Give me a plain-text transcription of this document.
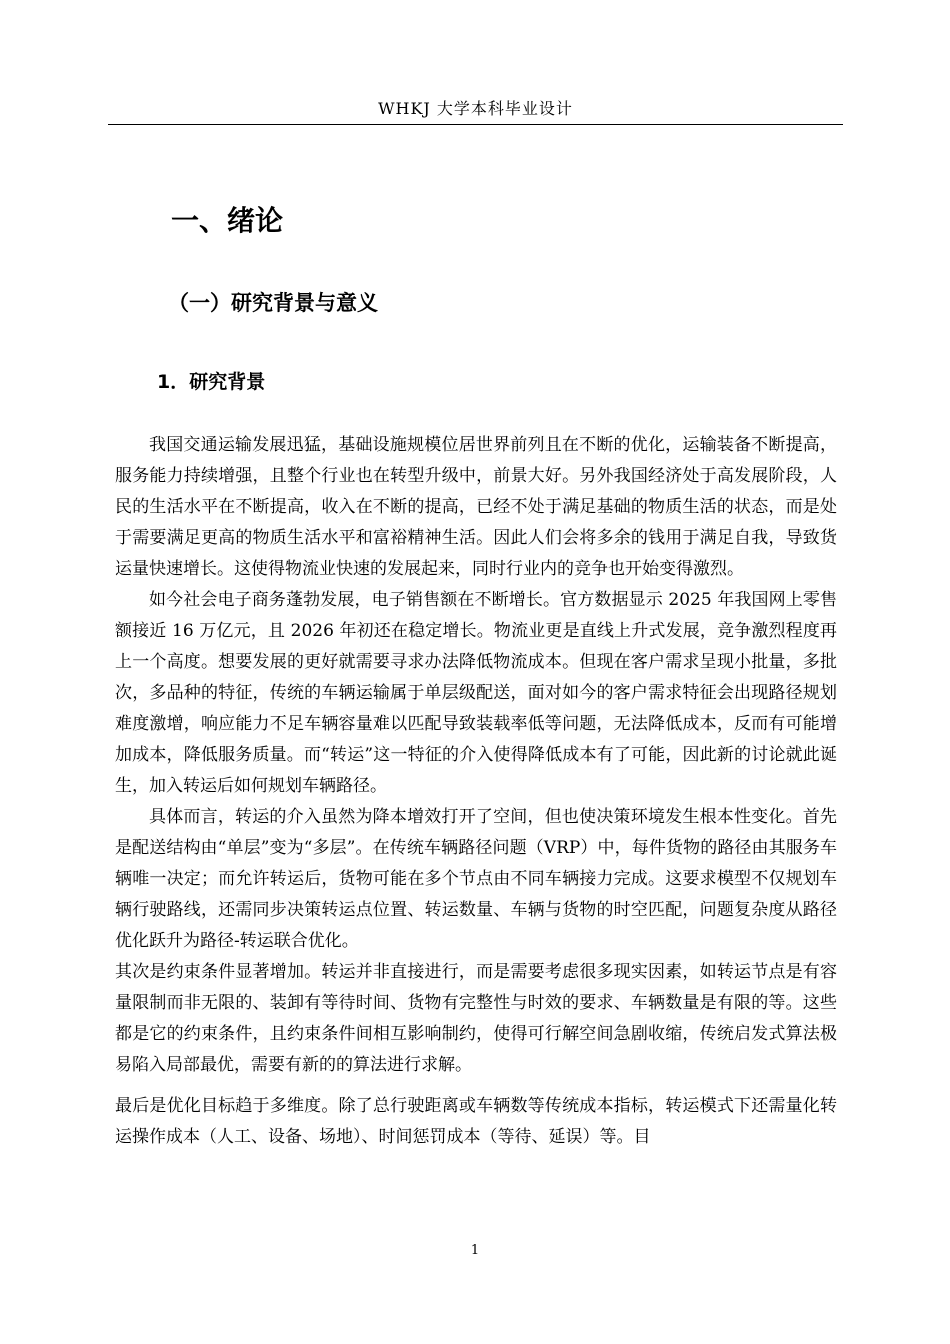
WHKJ 大学本科毕业设计
一、绪论
（一）研究背景与意义
1．研究背景

我国交通运输发展迅猛，基础设施规模位居世界前列且在不断的优化，运输装备不断提高，服务能力持续增强，且整个行业也在转型升级中，前景大好。另外我国经济处于高发展阶段，人民的生活水平在不断提高，收入在不断的提高，已经不处于满足基础的物质生活的状态，而是处于需要满足更高的物质生活水平和富裕精神生活。因此人们会将多余的钱用于满足自我，导致货运量快速增长。这使得物流业快速的发展起来，同时行业内的竞争也开始变得激烈。

如今社会电子商务蓬勃发展，电子销售额在不断增长。官方数据显示 2025 年我国网上零售额接近 16 万亿元，且 2026 年初还在稳定增长。物流业更是直线上升式发展，竞争激烈程度再上一个高度。想要发展的更好就需要寻求办法降低物流成本。但现在客户需求呈现小批量，多批次，多品种的特征，传统的车辆运输属于单层级配送，面对如今的客户需求特征会出现路径规划难度激增，响应能力不足车辆容量难以匹配导致装载率低等问题，无法降低成本，反而有可能增加成本，降低服务质量。而“转运”这一特征的介入使得降低成本有了可能，因此新的讨论就此诞生，加入转运后如何规划车辆路径。

具体而言，转运的介入虽然为降本增效打开了空间，但也使决策环境发生根本性变化。首先是配送结构由“单层”变为“多层”。在传统车辆路径问题（VRP）中，每件货物的路径由其服务车辆唯一决定；而允许转运后，货物可能在多个节点由不同车辆接力完成。这要求模型不仅规划车辆行驶路线，还需同步决策转运点位置、转运数量、车辆与货物的时空匹配，问题复杂度从路径优化跃升为路径-转运联合优化。

其次是约束条件显著增加。转运并非直接进行，而是需要考虑很多现实因素，如转运节点是有容量限制而非无限的、装卸有等待时间、货物有完整性与时效的要求、车辆数量是有限的等。这些都是它的约束条件，且约束条件间相互影响制约，使得可行解空间急剧收缩，传统启发式算法极易陷入局部最优，需要有新的的算法进行求解。

最后是优化目标趋于多维度。除了总行驶距离或车辆数等传统成本指标，转运模式下还需量化转运操作成本（人工、设备、场地）、时间惩罚成本（等待、延误）等。目

1
